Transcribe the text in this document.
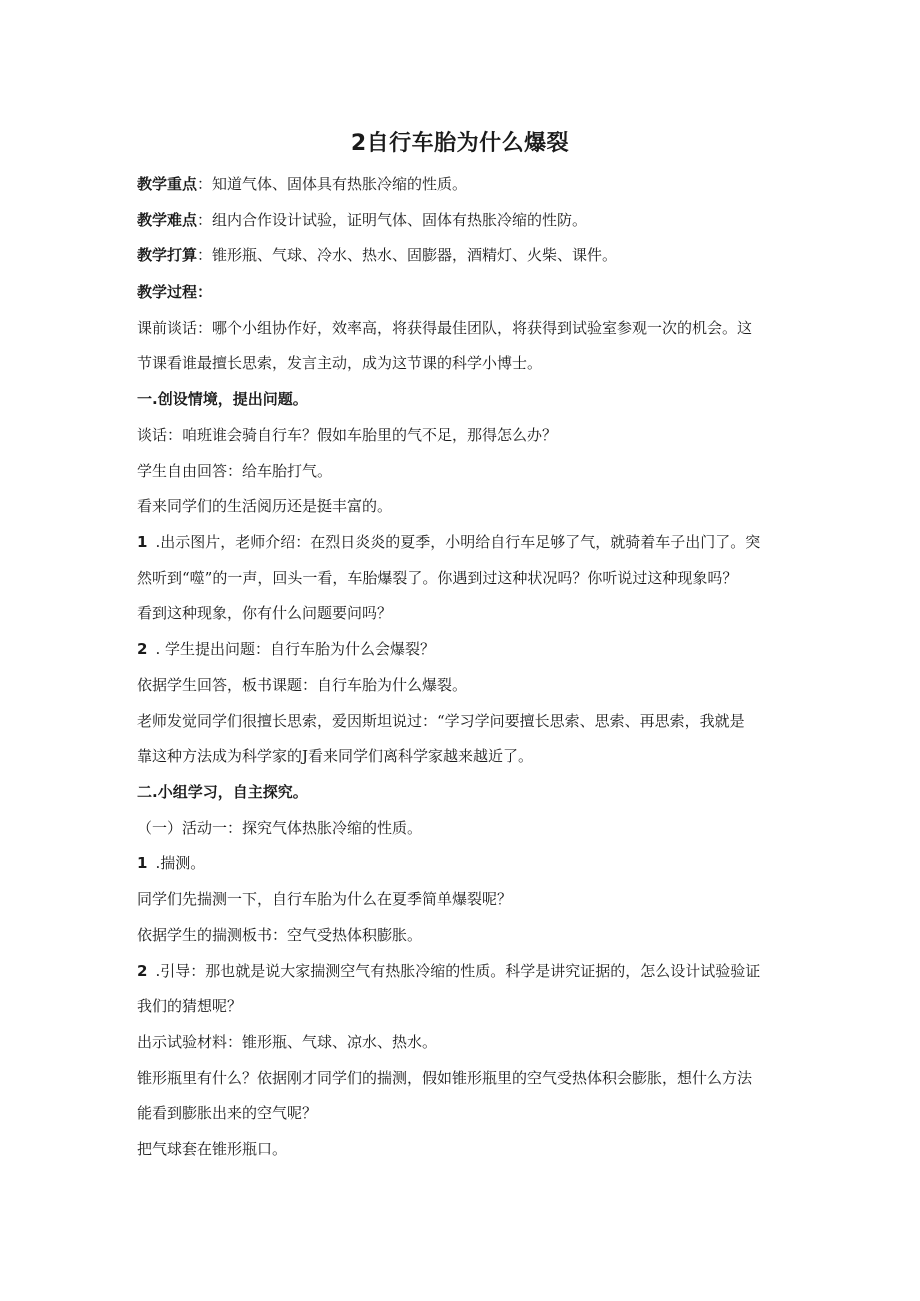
2自行车胎为什么爆裂
教学重点：知道气体、固体具有热胀冷缩的性质。
教学难点：组内合作设计试验，证明气体、固体有热胀冷缩的性防。
教学打算：锥形瓶、气球、冷水、热水、固膨器，酒精灯、火柴、课件。
教学过程：
课前谈话：哪个小组协作好，效率高，将获得最佳团队，将获得到试验室参观一次的机会。这
节课看谁最擅长思索，发言主动，成为这节课的科学小博士。
一.创设情境，提出问题。
谈话：咱班谁会骑自行车？假如车胎里的气不足，那得怎么办？
学生自由回答：给车胎打气。
看来同学们的生活阅历还是挺丰富的。
1 .出示图片，老师介绍：在烈日炎炎的夏季，小明给自行车足够了气，就骑着车子出门了。突
然听到“噬”的一声，回头一看，车胎爆裂了。你遇到过这种状况吗？你听说过这种现象吗？
看到这种现象，你有什么问题要问吗？
2 . 学生提出问题：自行车胎为什么会爆裂？
依据学生回答，板书课题：自行车胎为什么爆裂。
老师发觉同学们很擅长思索，爱因斯坦说过：“学习学问要擅长思索、思索、再思索，我就是
靠这种方法成为科学家的J看来同学们离科学家越来越近了。
二.小组学习，自主探究。
（一）活动一：探究气体热胀冷缩的性质。
1 .揣测。
同学们先揣测一下，自行车胎为什么在夏季简单爆裂呢？
依据学生的揣测板书：空气受热体积膨胀。
2 .引导：那也就是说大家揣测空气有热胀冷缩的性质。科学是讲究证据的，怎么设计试验验证
我们的猜想呢？
出示试验材料：锥形瓶、气球、凉水、热水。
锥形瓶里有什么？依据刚才同学们的揣测，假如锥形瓶里的空气受热体积会膨胀，想什么方法
能看到膨胀出来的空气呢？
把气球套在锥形瓶口。
